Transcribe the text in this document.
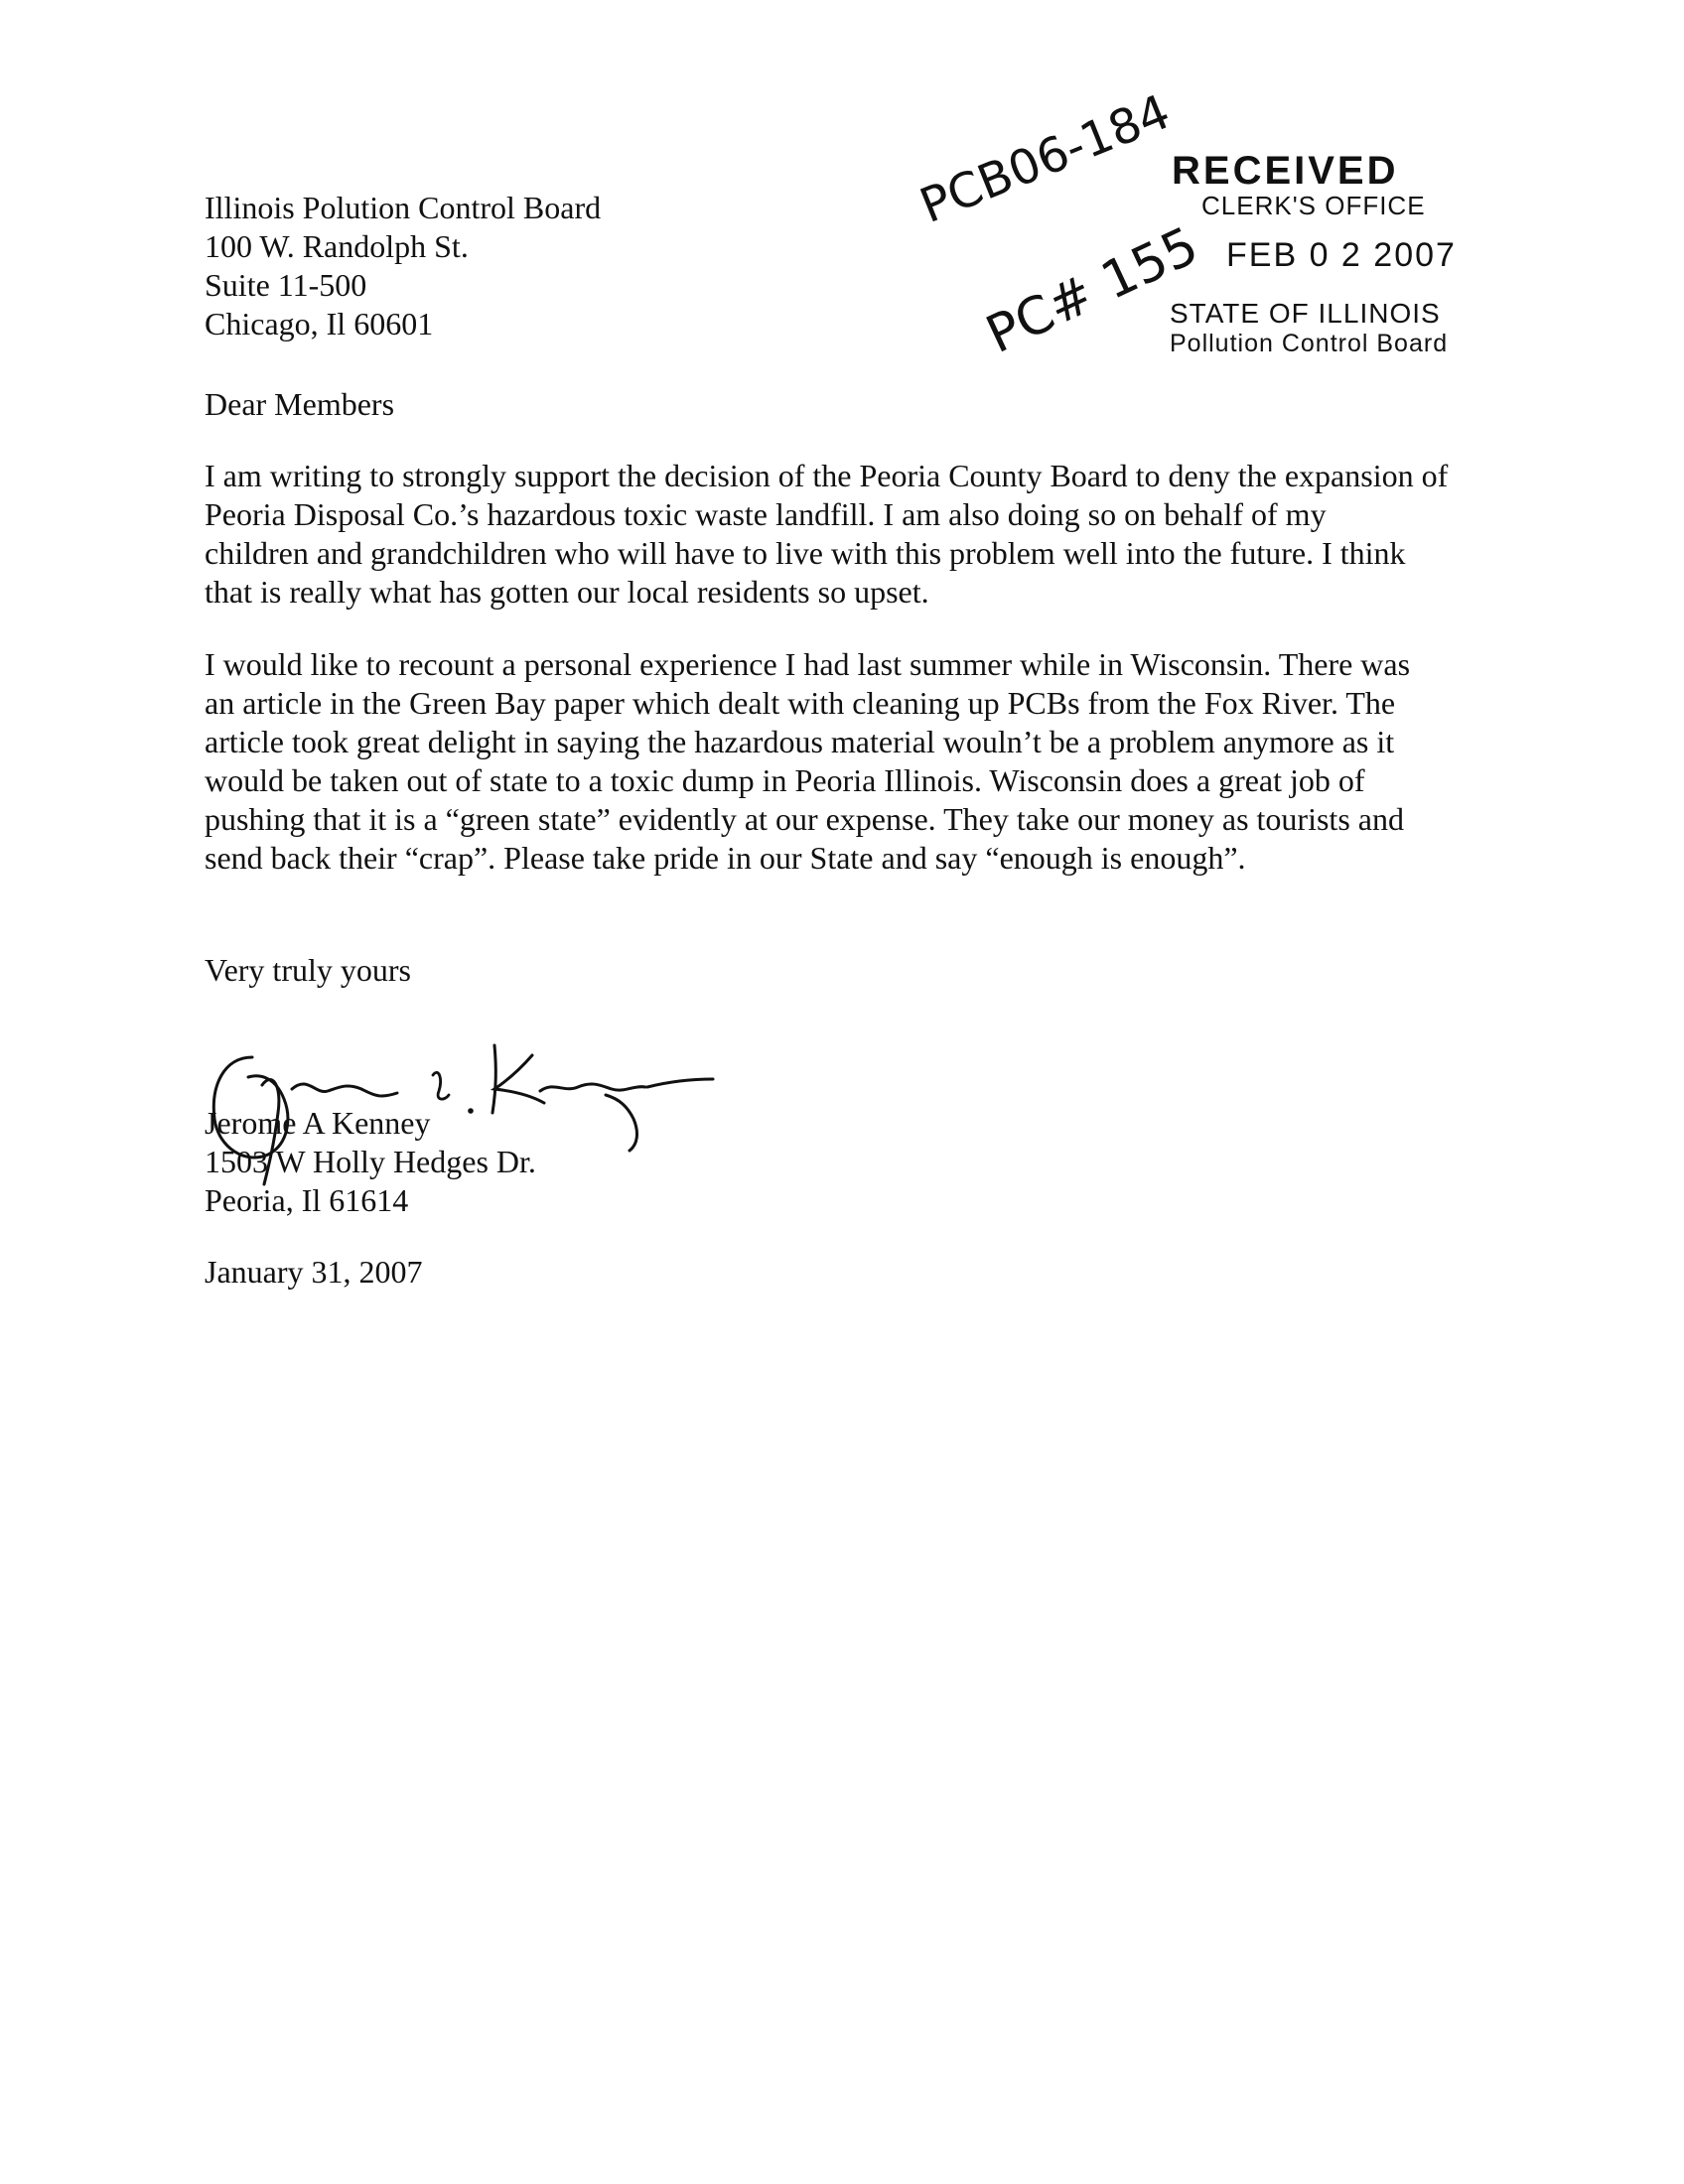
Illinois Polution Control Board
100 W. Randolph St.
Suite 11-500
Chicago, Il 60601
RECEIVED
CLERK'S OFFICE
FEB 0 2 2007
STATE OF ILLINOIS
Pollution Control Board
PCB06-184
PC# 155
Dear Members
I am writing to strongly support the decision of the Peoria County Board to deny the expansion of
Peoria Disposal Co.’s hazardous toxic waste landfill. I am also doing so on behalf of my
children and grandchildren who will have to live with this problem well into the future. I think
that is really what has gotten our local residents so upset.
I would like to recount a personal experience I had last summer while in Wisconsin. There was
an article in the Green Bay paper which dealt with cleaning up PCBs from the Fox River. The
article took great delight in saying the hazardous material wouln’t be a problem anymore as it
would be taken out of state to a toxic dump in Peoria Illinois. Wisconsin does a great job of
pushing that it is a “green state” evidently at our expense. They take our money as tourists and
send back their “crap”. Please take pride in our State and say “enough is enough”.
Very truly yours
Jerome A Kenney
1503 W Holly Hedges Dr.
Peoria, Il 61614
January 31, 2007
